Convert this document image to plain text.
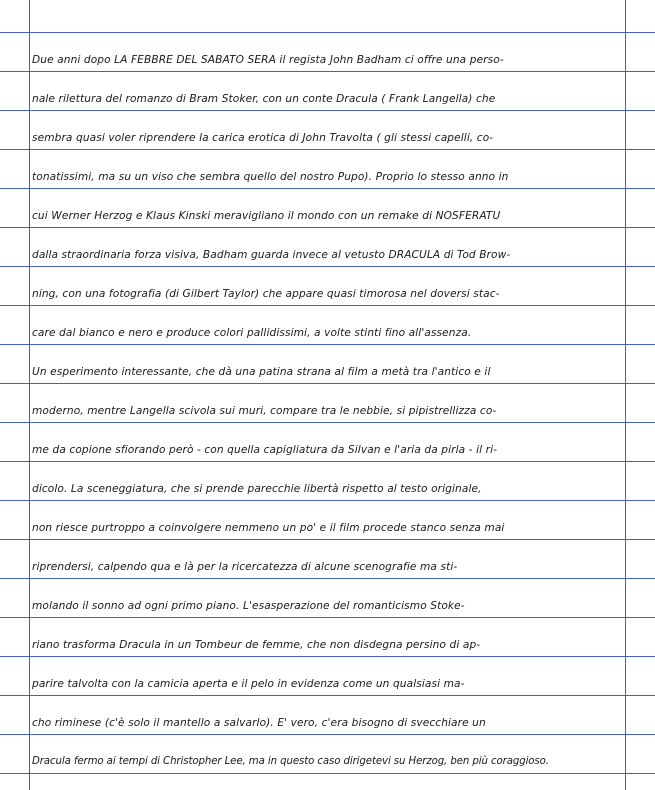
Due anni dopo LA FEBBRE DEL SABATO SERA il regista John Badham ci offre una perso-
nale rilettura del romanzo di Bram Stoker, con un conte Dracula ( Frank Langella) che
sembra quasi voler riprendere la carica erotica di John Travolta ( gli stessi capelli, co-
tonatissimi, ma su un viso che sembra quello del nostro Pupo). Proprio lo stesso anno in
cui Werner Herzog e Klaus Kinski meravigliano il mondo con un remake di NOSFERATU
dalla straordinaria forza visiva, Badham guarda invece al vetusto DRACULA di Tod Brow-
ning, con una fotografia (di Gilbert Taylor) che appare quasi timorosa nel doversi stac-
care dal bianco e nero e produce colori pallidissimi, a volte stinti fino all'assenza.
Un esperimento interessante, che dà una patina strana al film a metà tra l'antico e il
moderno, mentre Langella scivola sui muri, compare tra le nebbie, si pipistrellizza co-
me da copione sfiorando però - con quella capigliatura da Silvan e l'aria da pirla - il ri-
dicolo. La sceneggiatura, che si prende parecchie libertà rispetto al testo originale,
non riesce purtroppo a coinvolgere nemmeno un po' e il film procede stanco senza mai
riprendersi, calpendo qua e là per la ricercatezza di alcune scenografie ma sti-
molando il sonno ad ogni primo piano. L'esasperazione del romanticismo Stoke-
riano trasforma Dracula in un Tombeur de femme, che non disdegna persino di ap-
parire talvolta con la camicia aperta e il pelo in evidenza come un qualsiasi ma-
cho riminese (c'è solo il mantello a salvarlo). E' vero, c'era bisogno di svecchiare un
Dracula fermo ai tempi di Christopher Lee, ma in questo caso dirigetevi su Herzog, ben più coraggioso.
